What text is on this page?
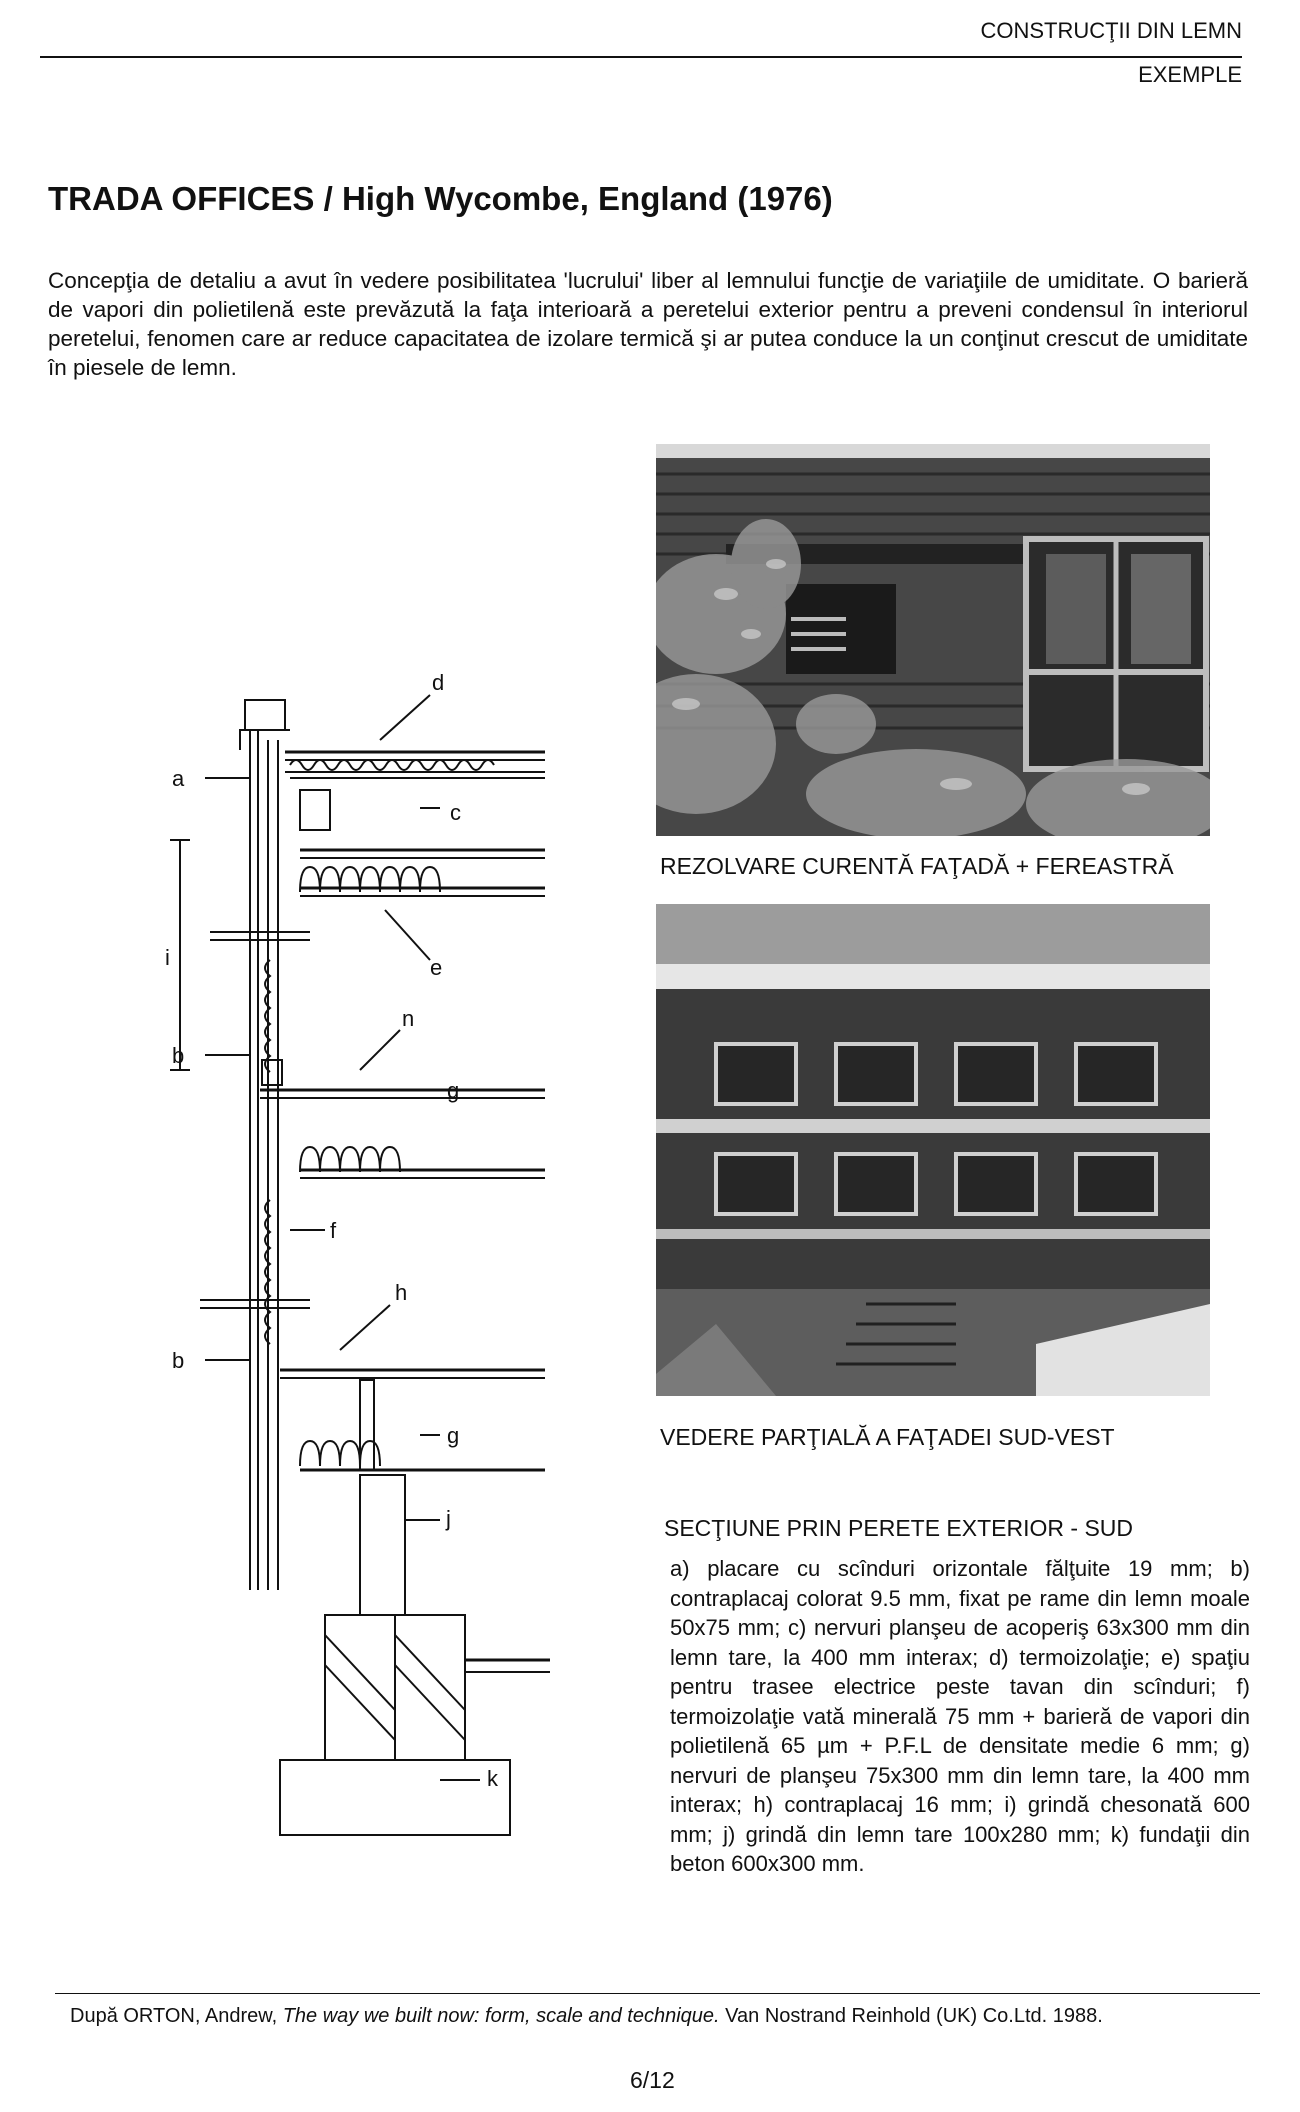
CONSTRUCŢII DIN LEMN
EXEMPLE
TRADA OFFICES / High Wycombe, England (1976)

Concepţia de detaliu a avut în vedere posibilitatea 'lucrului' liber al lemnului funcţie de variaţiile de umiditate. O barieră de vapori din polietilenă este prevăzută la faţa interioară a peretelui exterior pentru a preveni condensul în interiorul peretelui, fenomen care ar reduce capacitatea de izolare termică şi ar putea conduce la un conţinut crescut de umiditate în piesele de lemn.

REZOLVARE CURENTĂ FAŢADĂ + FEREASTRĂ
VEDERE PARŢIALĂ A FAŢADEI SUD-VEST
a
b
b
c
d
e
f
g
g
h
i
j
k
n
SECŢIUNE PRIN PERETE EXTERIOR - SUD

a) placare cu scînduri orizontale fălţuite 19 mm; b) contraplacaj colorat 9.5 mm, fixat pe rame din lemn moale 50x75 mm; c) nervuri planşeu de acoperiş 63x300 mm din lemn tare, la 400 mm interax; d) termoizolaţie; e) spaţiu pentru trasee electrice peste tavan din scînduri; f) termoizolaţie vată minerală 75 mm + barieră de vapori din polietilenă 65 µm + P.F.L de densitate medie 6 mm; g) nervuri de planşeu 75x300 mm din lemn tare, la 400 mm interax; h) contraplacaj 16 mm; i) grindă chesonată 600 mm; j) grindă din lemn tare 100x280 mm; k) fundaţii din beton 600x300 mm.

După ORTON, Andrew, The way we built now: form, scale and technique. Van Nostrand Reinhold (UK) Co.Ltd. 1988.
6/12
